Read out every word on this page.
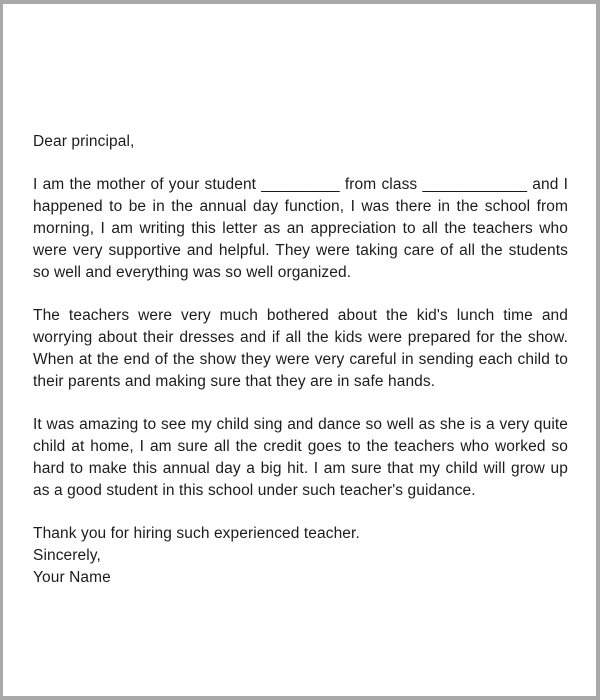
Dear principal,

I am the mother of your student _________ from class ____________ and I happened to be in the annual day function, I was there in the school from morning, I am writing this letter as an appreciation to all the teachers who were very supportive and helpful. They were taking care of all the students so well and everything was so well organized.

The teachers were very much bothered about the kid's lunch time and worrying about their dresses and if all the kids were prepared for the show. When at the end of the show they were very careful in sending each child to their parents and making sure that they are in safe hands.

It was amazing to see my child sing and dance so well as she is a very quite child at home, I am sure all the credit goes to the teachers who worked so hard to make this annual day a big hit. I am sure that my child will grow up as a good student in this school under such teacher's guidance.

Thank you for hiring such experienced teacher.

Sincerely,

Your Name
